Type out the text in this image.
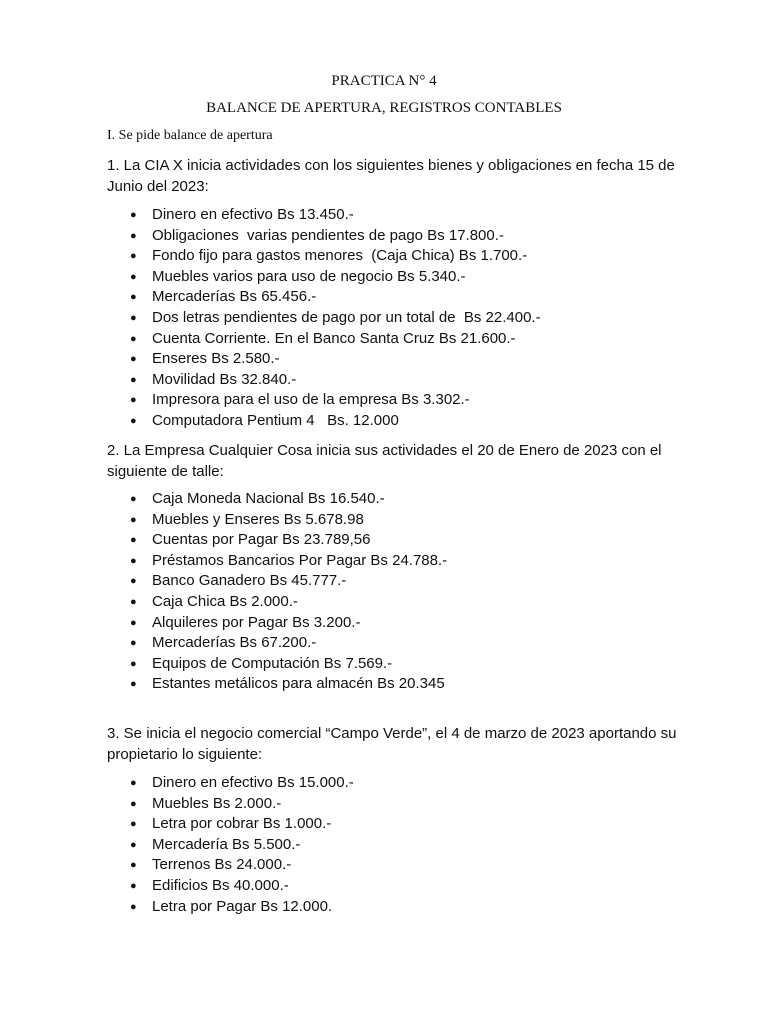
PRACTICA N° 4
BALANCE DE APERTURA, REGISTROS CONTABLES
I. Se pide balance de apertura
1. La CIA X inicia actividades con los siguientes bienes y obligaciones en fecha 15 de Junio del 2023:
● Dinero en efectivo Bs 13.450.-
● Obligaciones  varias pendientes de pago Bs 17.800.-
● Fondo fijo para gastos menores  (Caja Chica) Bs 1.700.-
● Muebles varios para uso de negocio Bs 5.340.-
● Mercaderías Bs 65.456.-
● Dos letras pendientes de pago por un total de  Bs 22.400.-
● Cuenta Corriente. En el Banco Santa Cruz Bs 21.600.-
● Enseres Bs 2.580.-
● Movilidad Bs 32.840.-
● Impresora para el uso de la empresa Bs 3.302.-
● Computadora Pentium 4   Bs. 12.000
2. La Empresa Cualquier Cosa inicia sus actividades el 20 de Enero de 2023 con el siguiente de talle:
● Caja Moneda Nacional Bs 16.540.-
● Muebles y Enseres Bs 5.678.98
● Cuentas por Pagar Bs 23.789,56
● Préstamos Bancarios Por Pagar Bs 24.788.-
● Banco Ganadero Bs 45.777.-
● Caja Chica Bs 2.000.-
● Alquileres por Pagar Bs 3.200.-
● Mercaderías Bs 67.200.-
● Equipos de Computación Bs 7.569.-
● Estantes metálicos para almacén Bs 20.345
3. Se inicia el negocio comercial “Campo Verde”, el 4 de marzo de 2023 aportando su propietario lo siguiente:
● Dinero en efectivo Bs 15.000.-
● Muebles Bs 2.000.-
● Letra por cobrar Bs 1.000.-
● Mercadería Bs 5.500.-
● Terrenos Bs 24.000.-
● Edificios Bs 40.000.-
● Letra por Pagar Bs 12.000.
